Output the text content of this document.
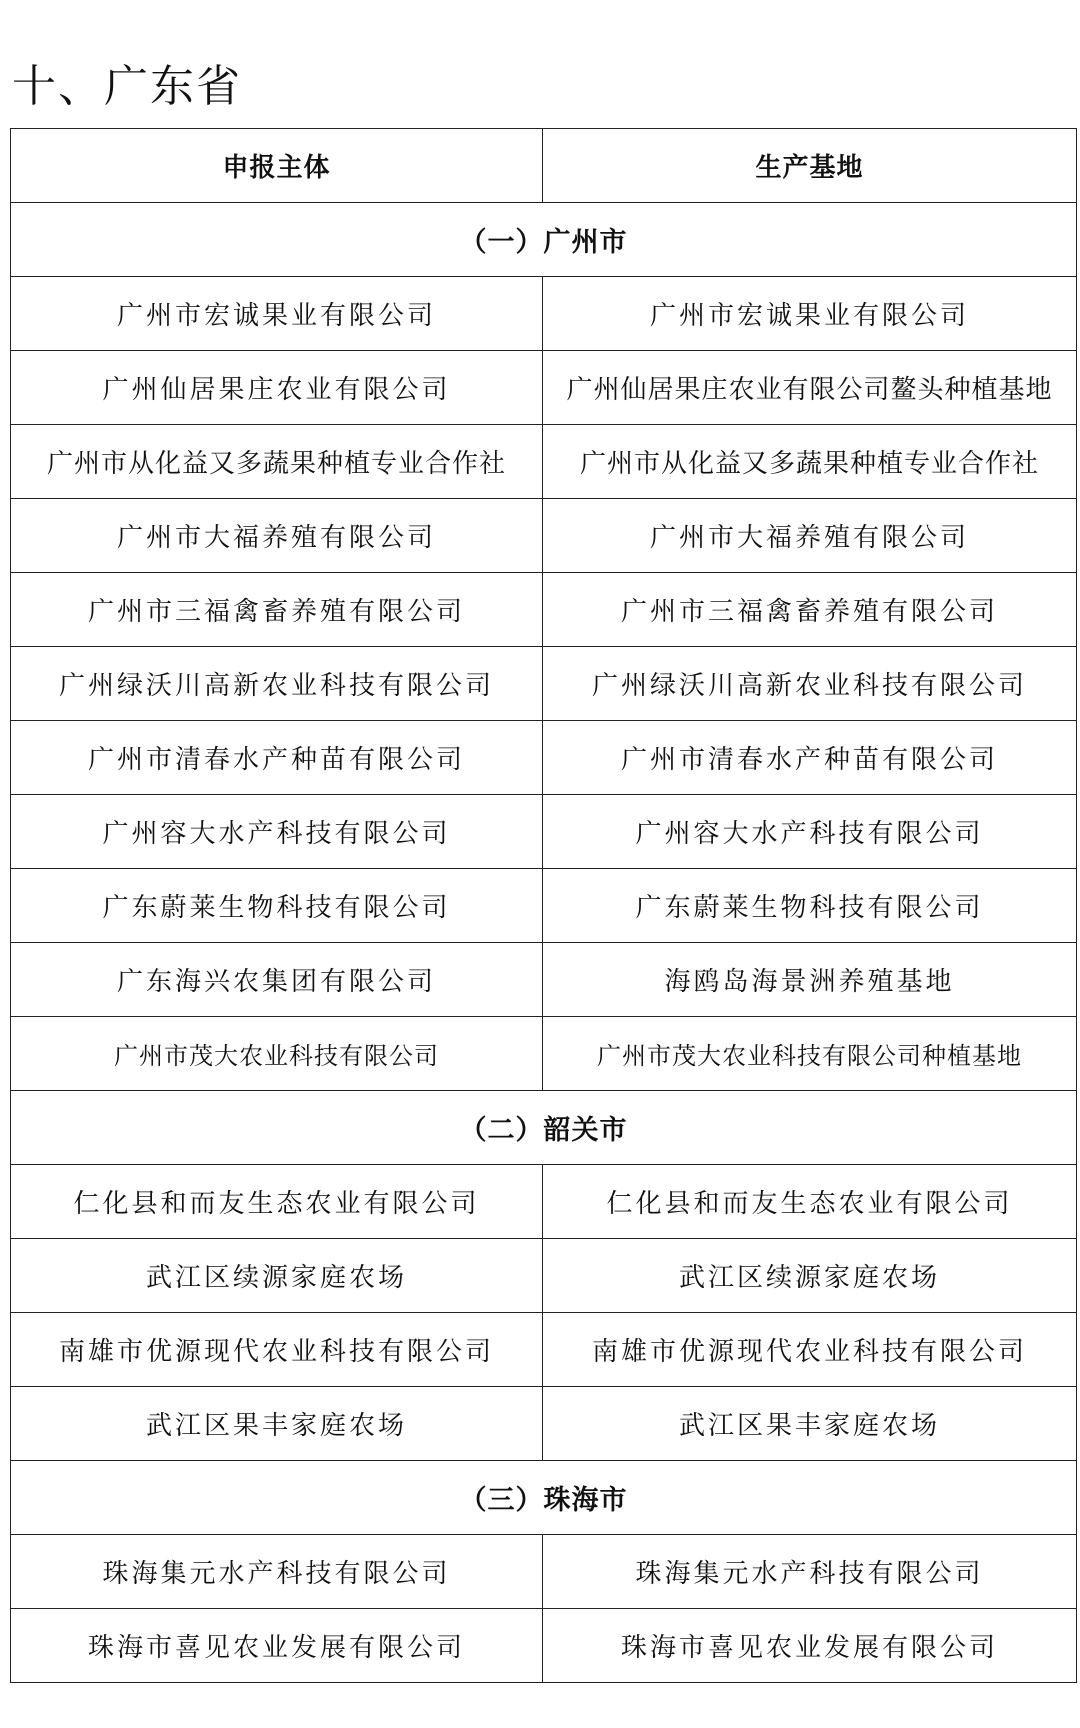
十、广东省
申报主体	生产基地
（一）广州市	
广州市宏诚果业有限公司	广州市宏诚果业有限公司
广州仙居果庄农业有限公司	广州仙居果庄农业有限公司鳌头种植基地
广州市从化益又多蔬果种植专业合作社	广州市从化益又多蔬果种植专业合作社
广州市大福养殖有限公司	广州市大福养殖有限公司
广州市三福禽畜养殖有限公司	广州市三福禽畜养殖有限公司
广州绿沃川高新农业科技有限公司	广州绿沃川高新农业科技有限公司
广州市清春水产种苗有限公司	广州市清春水产种苗有限公司
广州容大水产科技有限公司	广州容大水产科技有限公司
广东蔚莱生物科技有限公司	广东蔚莱生物科技有限公司
广东海兴农集团有限公司	海鸥岛海景洲养殖基地
广州市茂大农业科技有限公司	广州市茂大农业科技有限公司种植基地
（二）韶关市	
仁化县和而友生态农业有限公司	仁化县和而友生态农业有限公司
武江区续源家庭农场	武江区续源家庭农场
南雄市优源现代农业科技有限公司	南雄市优源现代农业科技有限公司
武江区果丰家庭农场	武江区果丰家庭农场
（三）珠海市	
珠海集元水产科技有限公司	珠海集元水产科技有限公司
珠海市喜见农业发展有限公司	珠海市喜见农业发展有限公司
